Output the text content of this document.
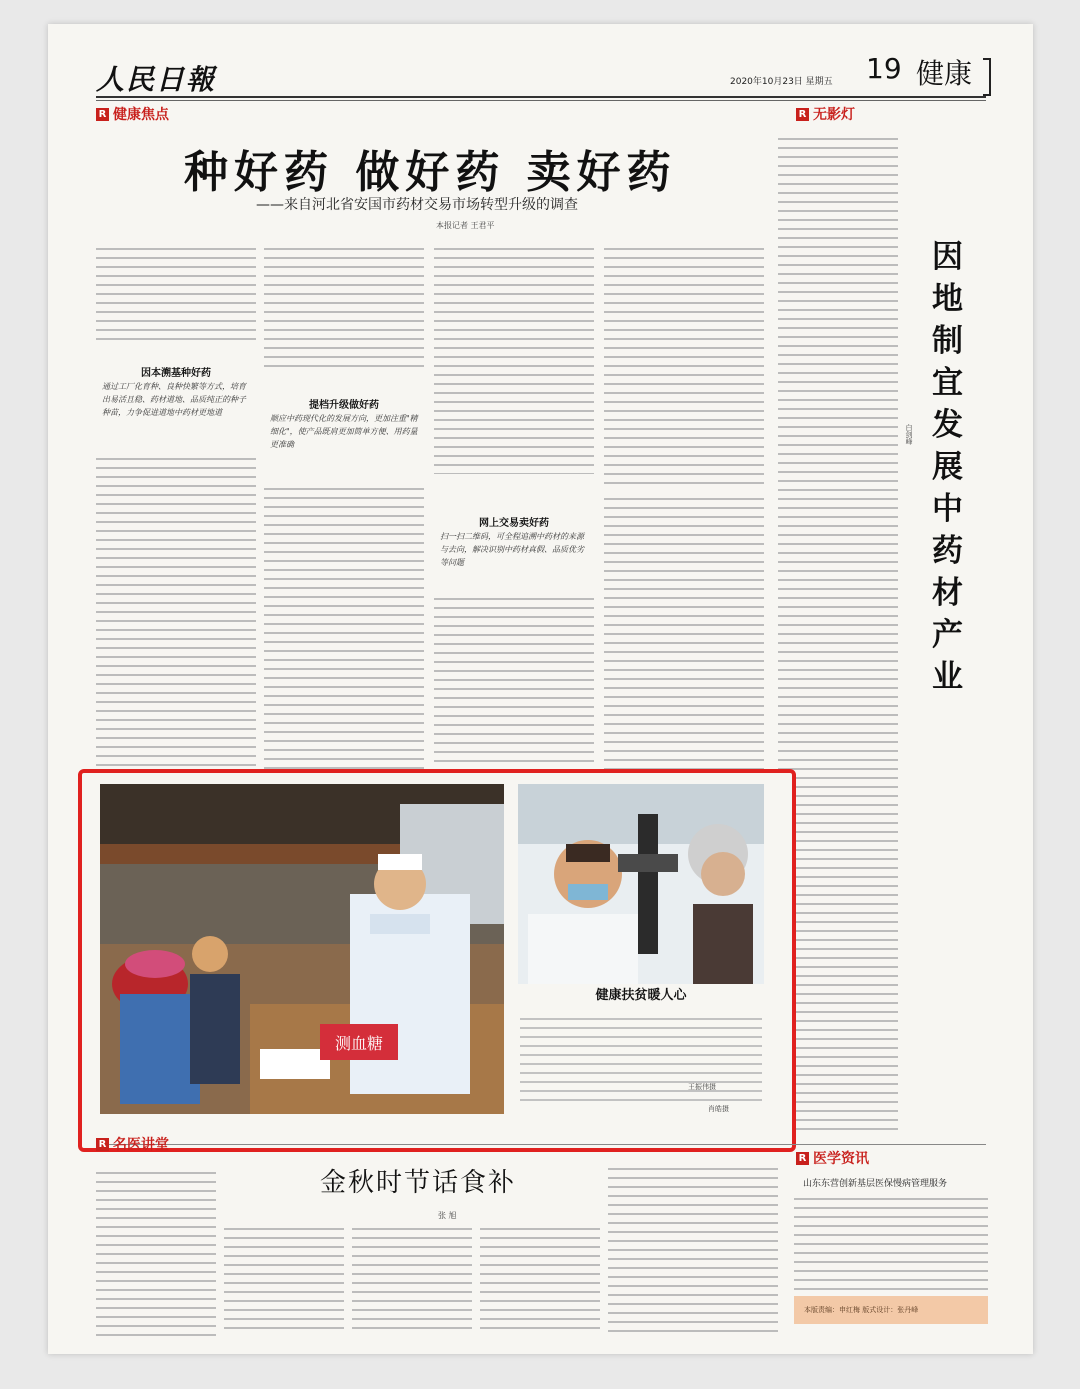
人民日報	2020年10月23日 星期五 19 健康
R 健康焦点	R 无影灯
种好药 做好药 卖好药
——来自河北省安国市药材交易市场转型升级的调查
本报记者 王君平
因本溯基种好药
通过工厂化育种、良种快繁等方式，培育出易活且稳、药材道地、品质纯正的种子种苗，力争促进道地中药材更地道
提档升级做好药
顺应中药现代化的发展方向，更加注重"精细化"，使产品既肩更加简单方便、用药量更准确
网上交易卖好药
扫一扫二维码，可全程追溯中药材的来源与去向，解决识别中药材真假、品质优劣等问题
因地制宜发展中药材产业
白剑峰
测血糖
健康扶贫暖人心
王振伟摄
肖皓摄
R 名医讲堂
R 医学资讯
金秋时节话食补
张 旭
山东东营创新基层医保慢病管理服务
本版责编：申红梅 版式设计：张丹峰
